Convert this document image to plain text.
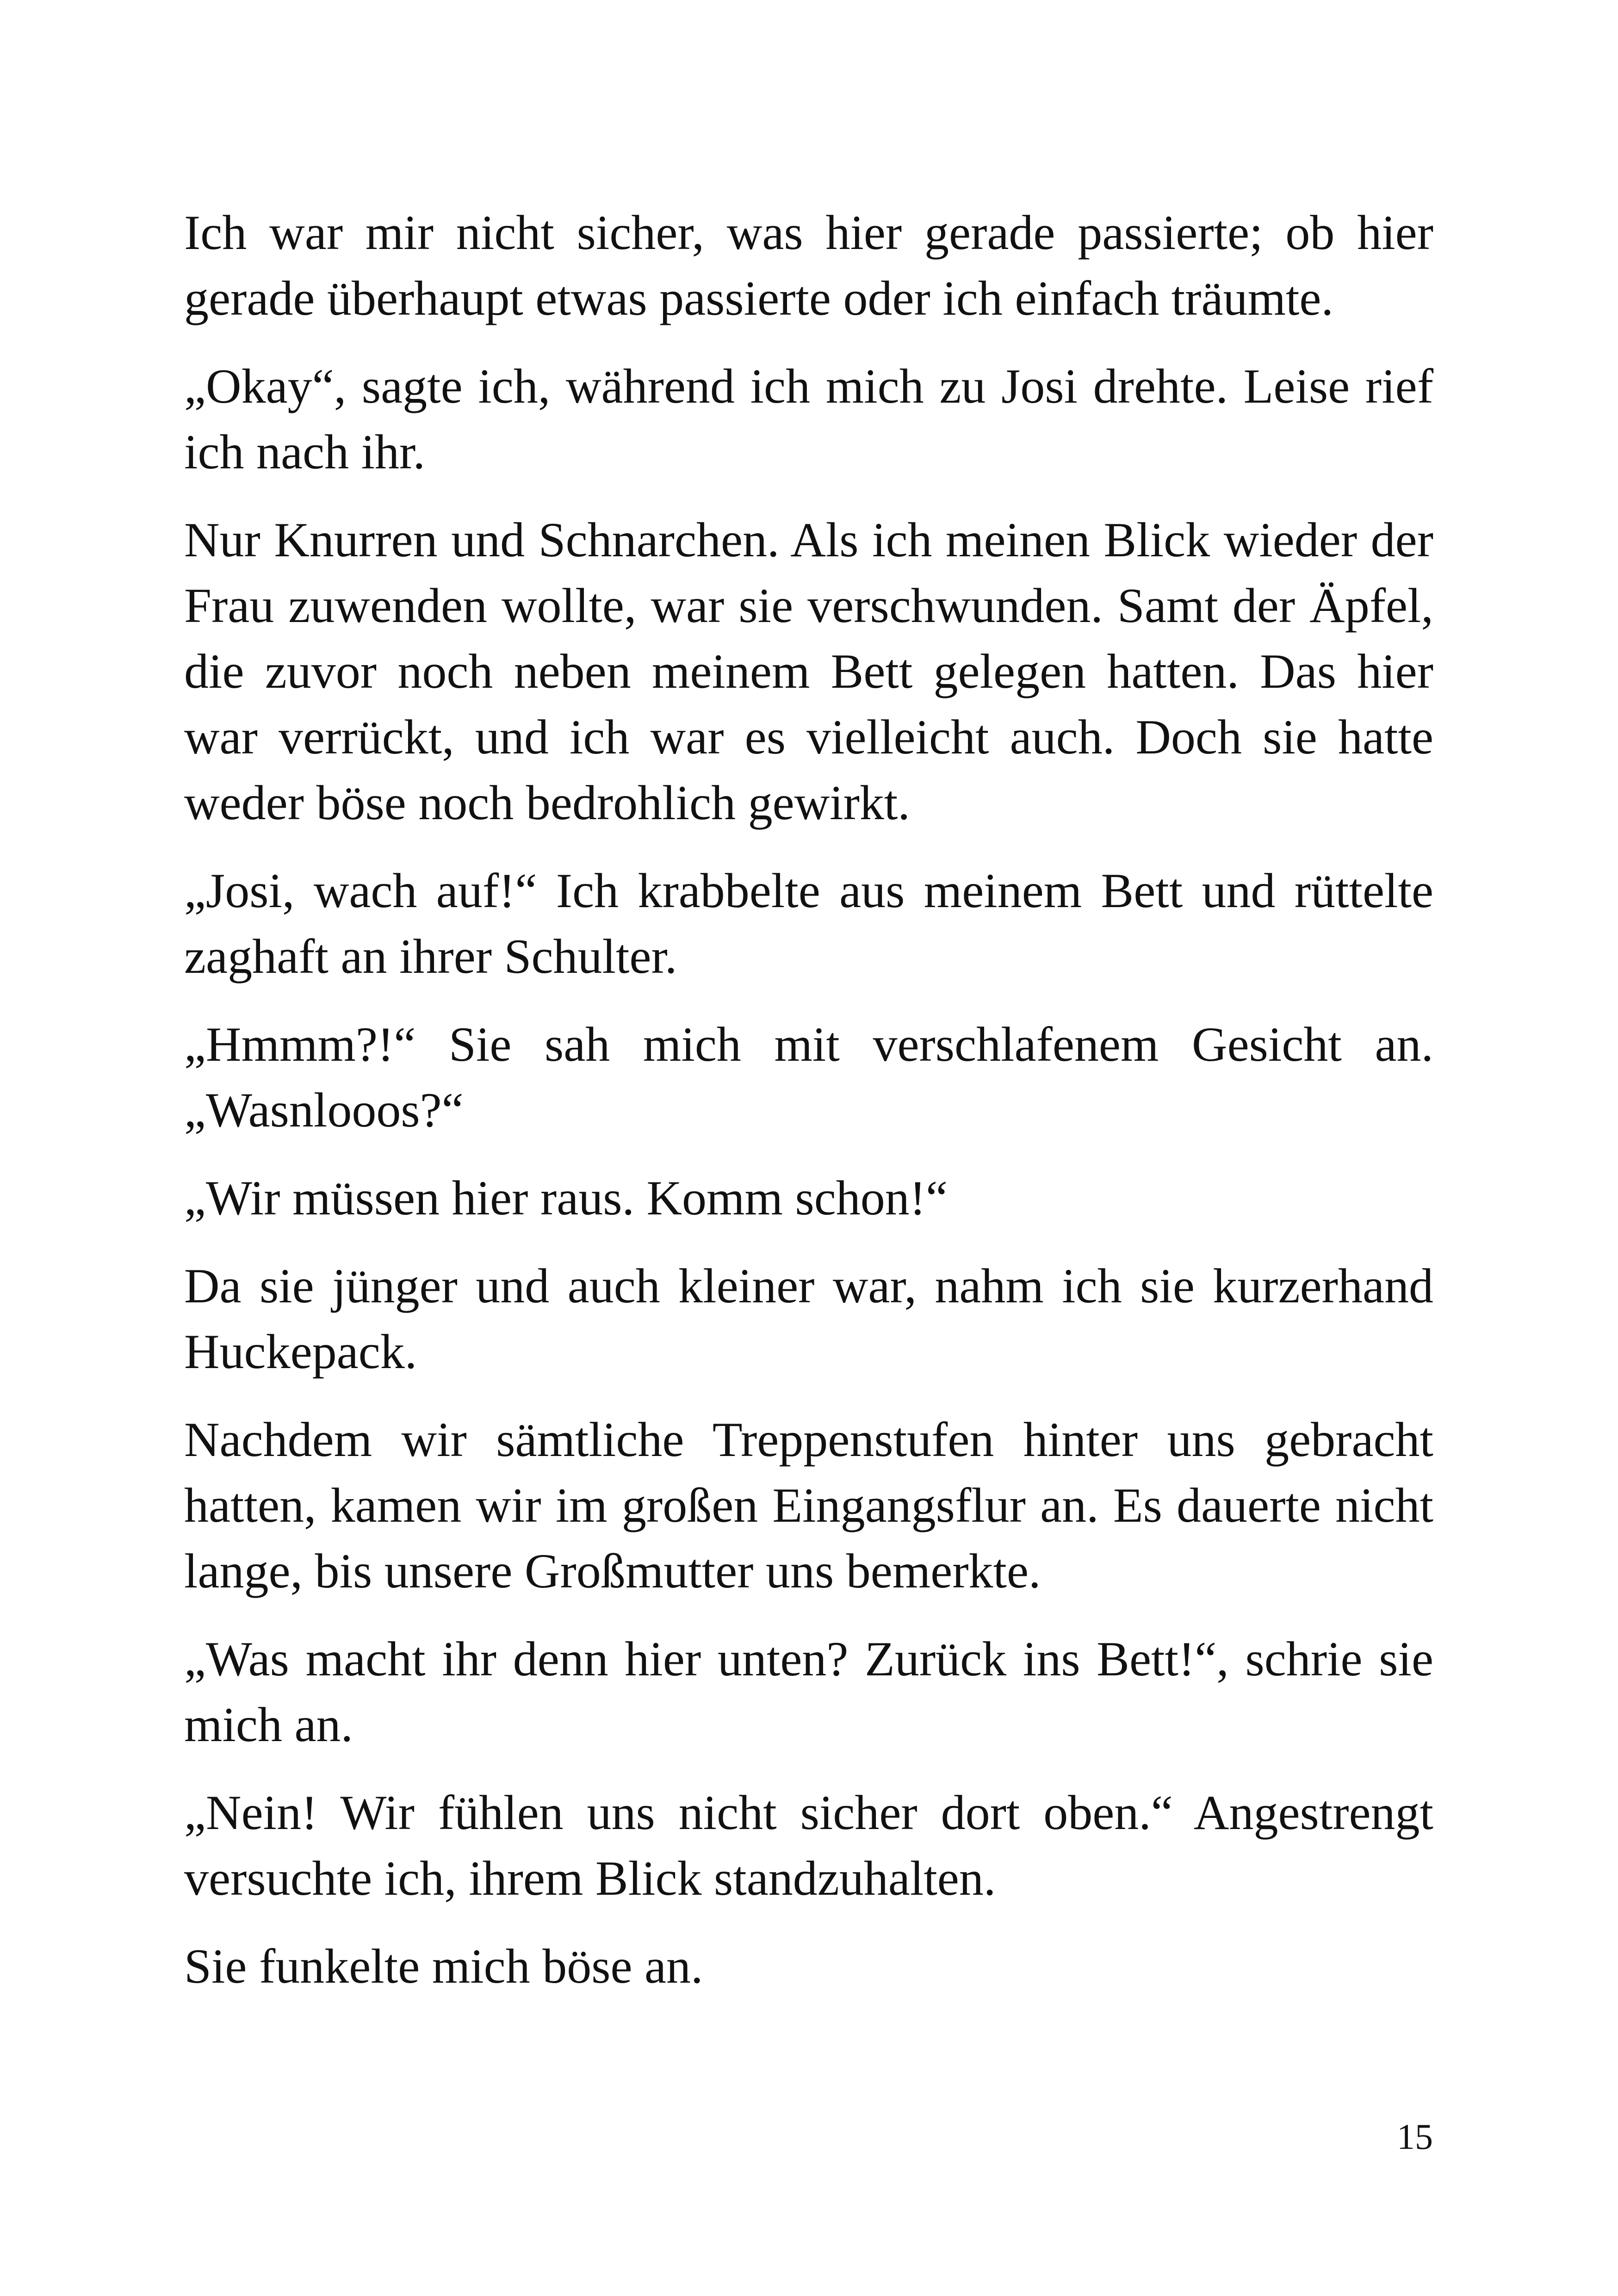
Ich war mir nicht sicher, was hier gerade passierte; ob hier gerade überhaupt etwas passierte oder ich einfach träumte.

„Okay“, sagte ich, während ich mich zu Josi drehte. Leise rief ich nach ihr.

Nur Knurren und Schnarchen. Als ich meinen Blick wieder der Frau zuwenden wollte, war sie verschwunden. Samt der Äpfel, die zuvor noch neben meinem Bett gelegen hatten. Das hier war verrückt, und ich war es vielleicht auch. Doch sie hatte weder böse noch bedrohlich gewirkt.

„Josi, wach auf!“ Ich krabbelte aus meinem Bett und rüttelte zaghaft an ihrer Schulter.

„Hmmm?!“ Sie sah mich mit verschlafenem Gesicht an. „Wasnlooos?“

„Wir müssen hier raus. Komm schon!“

Da sie jünger und auch kleiner war, nahm ich sie kurzerhand Huckepack.

Nachdem wir sämtliche Treppenstufen hinter uns gebracht hatten, kamen wir im großen Eingangsflur an. Es dauerte nicht lange, bis unsere Großmutter uns bemerkte.

„Was macht ihr denn hier unten? Zurück ins Bett!“, schrie sie mich an.

„Nein! Wir fühlen uns nicht sicher dort oben.“ Angestrengt versuchte ich, ihrem Blick standzuhalten.

Sie funkelte mich böse an.

15
